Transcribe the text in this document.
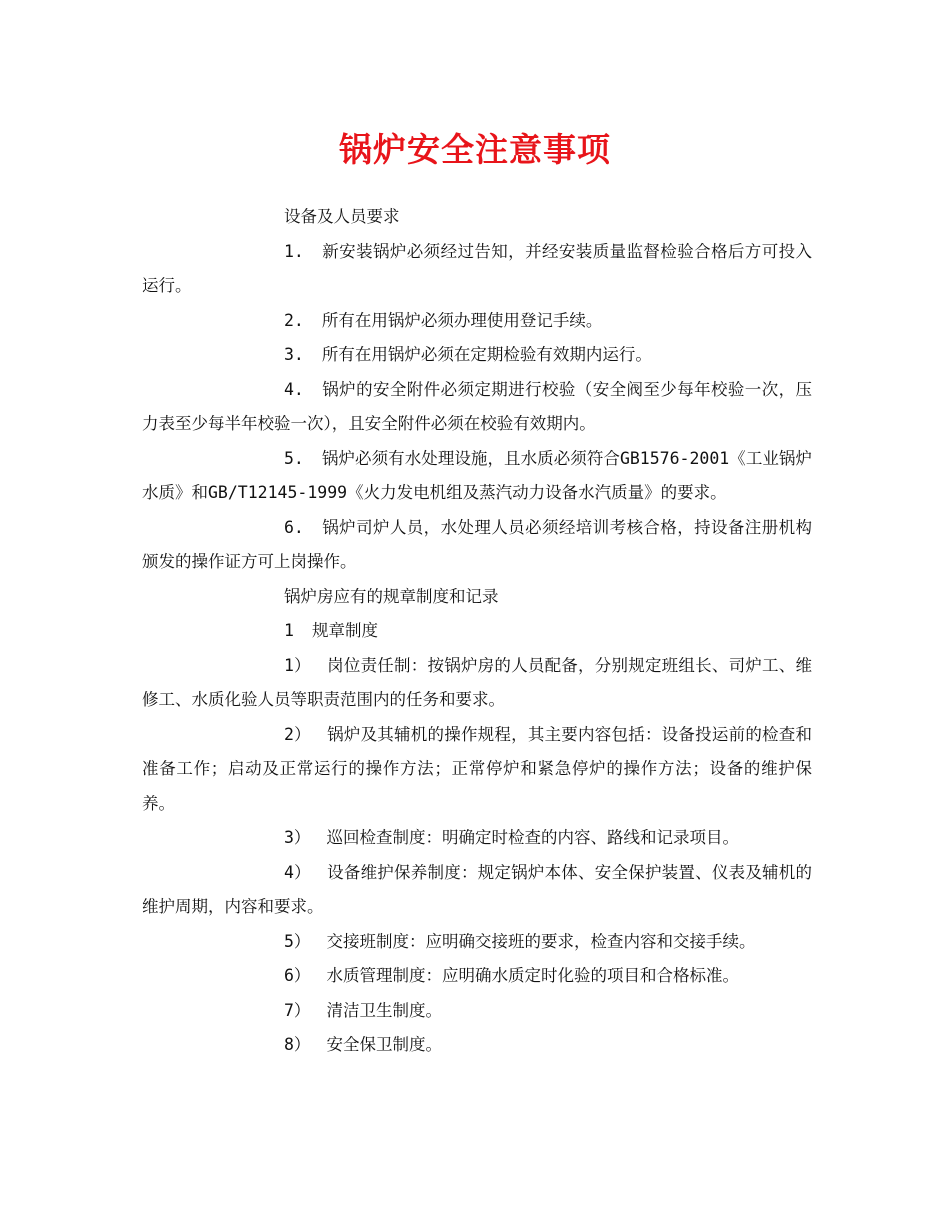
锅炉安全注意事项

设备及人员要求

1. 新安装锅炉必须经过告知，并经安装质量监督检验合格后方可投入运行。

2. 所有在用锅炉必须办理使用登记手续。

3. 所有在用锅炉必须在定期检验有效期内运行。

4. 锅炉的安全附件必须定期进行校验（安全阀至少每年校验一次，压力表至少每半年校验一次），且安全附件必须在校验有效期内。

5. 锅炉必须有水处理设施，且水质必须符合GB1576-2001《工业锅炉水质》和GB/T12145-1999《火力发电机组及蒸汽动力设备水汽质量》的要求。

6. 锅炉司炉人员，水处理人员必须经培训考核合格，持设备注册机构颁发的操作证方可上岗操作。

锅炉房应有的规章制度和记录

1 规章制度

1） 岗位责任制：按锅炉房的人员配备，分别规定班组长、司炉工、维修工、水质化验人员等职责范围内的任务和要求。

2） 锅炉及其辅机的操作规程，其主要内容包括：设备投运前的检查和准备工作；启动及正常运行的操作方法；正常停炉和紧急停炉的操作方法；设备的维护保养。

3） 巡回检查制度：明确定时检查的内容、路线和记录项目。

4） 设备维护保养制度：规定锅炉本体、安全保护装置、仪表及辅机的维护周期，内容和要求。

5） 交接班制度：应明确交接班的要求，检查内容和交接手续。

6） 水质管理制度：应明确水质定时化验的项目和合格标准。

7） 清洁卫生制度。

8） 安全保卫制度。
